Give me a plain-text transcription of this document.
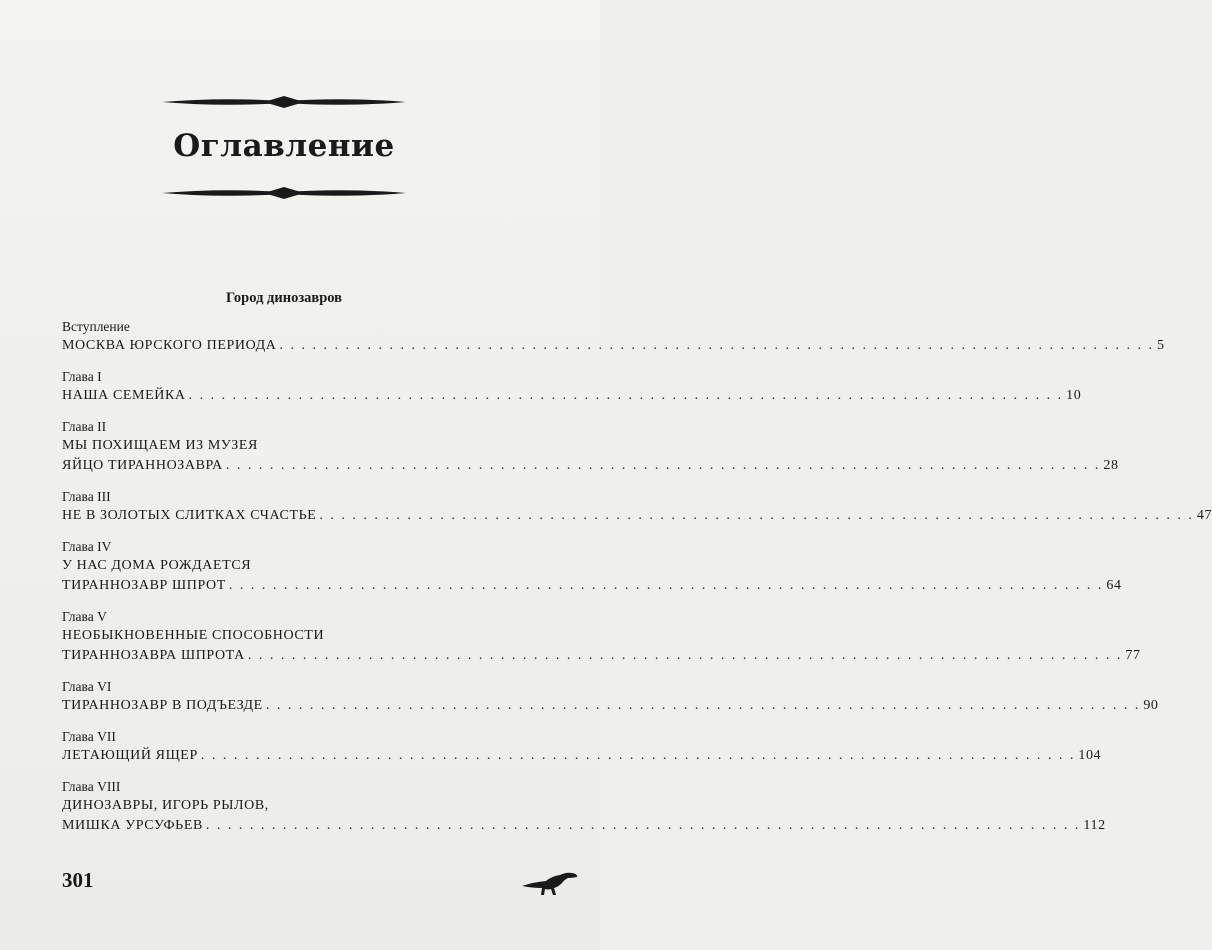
Оглавление
Город динозавров
Вступление
МОСКВА ЮРСКОГО ПЕРИОДА . . . . . . . . . . . . . . . . . . . . . . . . . . . . . . . . . . . . . . . . . . . . . . . . . . . . . . . . . . . . . . . . . . . . . . . . . . . . . . . . 5
Глава I
НАША СЕМЕЙКА . . . . . . . . . . . . . . . . . . . . . . . . . . . . . . . . . . . . . . . . . . . . . . . . . . . . . . . . . . . . . . . . . . . . . . . . . . . . . . . . 10
Глава II
МЫ ПОХИЩАЕМ ИЗ МУЗЕЯ
ЯЙЦО ТИРАННОЗАВРА . . . . . . . . . . . . . . . . . . . . . . . . . . . . . . . . . . . . . . . . . . . . . . . . . . . . . . . . . . . . . . . . . . . . . . . . . . . . . . . . 28
Глава III
НЕ В ЗОЛОТЫХ СЛИТКАХ СЧАСТЬЕ . . . . . . . . . . . . . . . . . . . . . . . . . . . . . . . . . . . . . . . . . . . . . . . . . . . . . . . . . . . . . . . . . . . . . . . . . . . . . . . . 47
Глава IV
У НАС ДОМА РОЖДАЕТСЯ
ТИРАННОЗАВР ШПРОТ . . . . . . . . . . . . . . . . . . . . . . . . . . . . . . . . . . . . . . . . . . . . . . . . . . . . . . . . . . . . . . . . . . . . . . . . . . . . . . . . 64
Глава V
НЕОБЫКНОВЕННЫЕ СПОСОБНОСТИ
ТИРАННОЗАВРА ШПРОТА . . . . . . . . . . . . . . . . . . . . . . . . . . . . . . . . . . . . . . . . . . . . . . . . . . . . . . . . . . . . . . . . . . . . . . . . . . . . . . . . 77
Глава VI
ТИРАННОЗАВР В ПОДЪЕЗДЕ . . . . . . . . . . . . . . . . . . . . . . . . . . . . . . . . . . . . . . . . . . . . . . . . . . . . . . . . . . . . . . . . . . . . . . . . . . . . . . . . 90
Глава VII
ЛЕТАЮЩИЙ ЯЩЕР . . . . . . . . . . . . . . . . . . . . . . . . . . . . . . . . . . . . . . . . . . . . . . . . . . . . . . . . . . . . . . . . . . . . . . . . . . . . . . . . 104
Глава VIII
ДИНОЗАВРЫ, ИГОРЬ РЫЛОВ,
МИШКА УРСУФЬЕВ . . . . . . . . . . . . . . . . . . . . . . . . . . . . . . . . . . . . . . . . . . . . . . . . . . . . . . . . . . . . . . . . . . . . . . . . . . . . . . . . 112
301
